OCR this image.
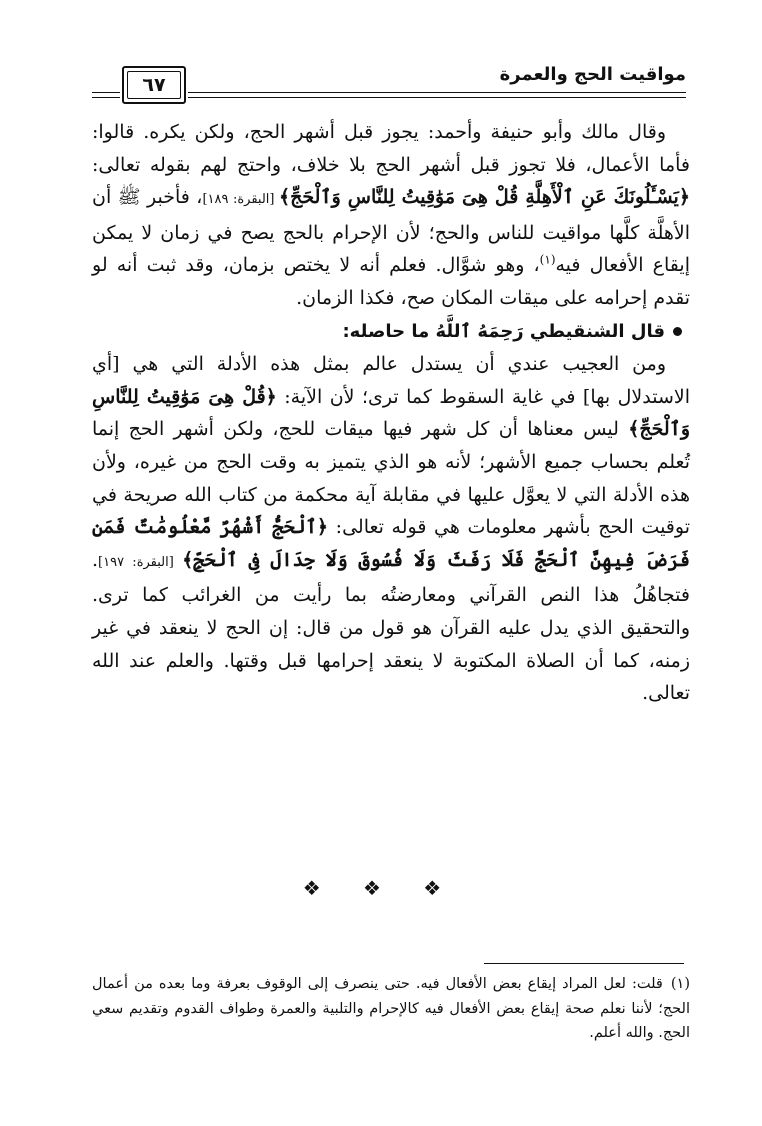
مواقيت الحج والعمرة
٦٧

وقال مالك وأبو حنيفة وأحمد: يجوز قبل أشهر الحج، ولكن يكره. قالوا: فأما الأعمال، فلا تجوز قبل أشهر الحج بلا خلاف، واحتج لهم بقوله تعالى: ﴿يَسْـَٔلُونَكَ عَنِ ٱلْأَهِلَّةِ قُلْ هِىَ مَوَٰقِيتُ لِلنَّاسِ وَٱلْحَجِّ﴾ [البقرة: ١٨٩]، فأخبر ﷺ أن الأهلَّة كلَّها مواقيت للناس والحج؛ لأن الإحرام بالحج يصح في زمان لا يمكن إيقاع الأفعال فيه$^{(١)}$، وهو شوَّال. فعلم أنه لا يختص بزمان، وقد ثبت أنه لو تقدم إحرامه على ميقات المكان صح، فكذا الزمان.

قال الشنقيطي رَحِمَهُ ٱللَّهُ ما حاصله:

ومن العجيب عندي أن يستدل عالم بمثل هذه الأدلة التي هي [أي الاستدلال بها] في غاية السقوط كما ترى؛ لأن الآية: ﴿قُلْ هِىَ مَوَٰقِيتُ لِلنَّاسِ وَٱلْحَجِّ﴾ ليس معناها أن كل شهر فيها ميقات للحج، ولكن أشهر الحج إنما تُعلم بحساب جميع الأشهر؛ لأنه هو الذي يتميز به وقت الحج من غيره، ولأن هذه الأدلة التي لا يعوَّل عليها في مقابلة آية محكمة من كتاب الله صريحة في توقيت الحج بأشهر معلومات هي قوله تعالى: ﴿ٱلْحَجُّ أَشْهُرٌ مَّعْلُومَٰتٌ فَمَن فَرَضَ فِيهِنَّ ٱلْحَجَّ فَلَا رَفَثَ وَلَا فُسُوقَ وَلَا جِدَالَ فِى ٱلْحَجِّ﴾ [البقرة: ١٩٧]. فتجاهُلُ هذا النص القرآني ومعارضتُه بما رأيت من الغرائب كما ترى. والتحقيق الذي يدل عليه القرآن هو قول من قال: إن الحج لا ينعقد في غير زمنه، كما أن الصلاة المكتوبة لا ينعقد إحرامها قبل وقتها. والعلم عند الله تعالى.

❖ ❖ ❖
(١)قلت: لعل المراد إيقاع بعض الأفعال فيه. حتى ينصرف إلى الوقوف بعرفة وما بعده من أعمال الحج؛ لأننا نعلم صحة إيقاع بعض الأفعال فيه كالإحرام والتلبية والعمرة وطواف القدوم وتقديم سعي الحج. والله أعلم.
